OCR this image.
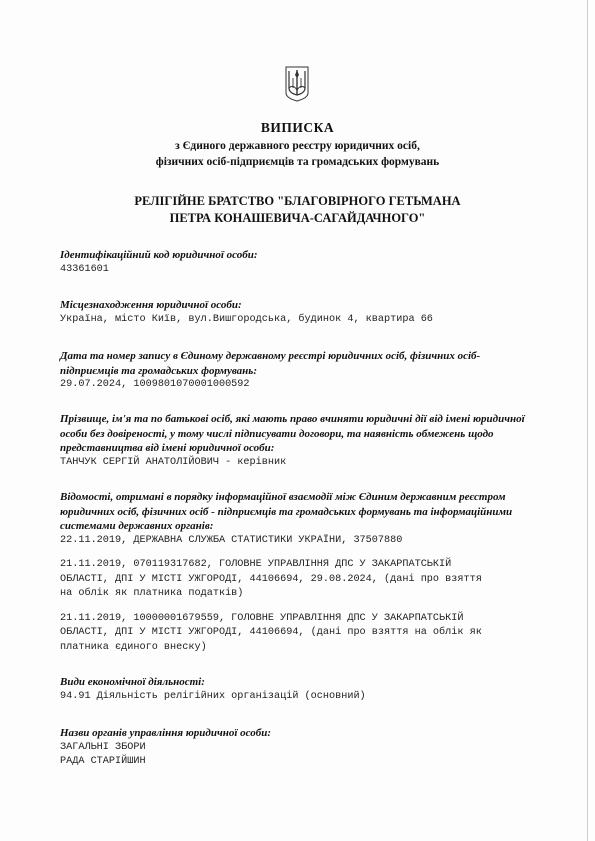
ВИПИСКА
з Єдиного державного реєстру юридичних осіб,
фізичних осіб-підприємців та громадських формувань
РЕЛІГІЙНЕ БРАТСТВО "БЛАГОВІРНОГО ГЕТЬМАНА
ПЕТРА КОНАШЕВИЧА-САГАЙДАЧНОГО"
Ідентифікаційний код юридичної особи:
43361601
Місцезнаходження юридичної особи:
Україна, місто Київ, вул.Вишгородська, будинок 4, квартира 66
Дата та номер запису в Єдиному державному реєстрі юридичних осіб, фізичних осіб-
підприємців та громадських формувань:
29.07.2024, 1009801070001000592
Прізвище, ім'я та по батькові осіб, які мають право вчиняти юридичні дії від імені юридичної
особи без довіреності, у тому числі підписувати договори, та наявність обмежень щодо
представництва від імені юридичної особи:
ТАНЧУК СЕРГІЙ АНАТОЛІЙОВИЧ - керівник
Відомості, отримані в порядку інформаційної взаємодії між Єдиним державним реєстром
юридичних осіб, фізичних осіб - підприємців та громадських формувань та інформаційними
системами державних органів:
22.11.2019, ДЕРЖАВНА СЛУЖБА СТАТИСТИКИ УКРАЇНИ, 37507880
21.11.2019, 070119317682, ГОЛОВНЕ УПРАВЛІННЯ ДПС У ЗАКАРПАТСЬКІЙ
ОБЛАСТІ, ДПІ У МІСТІ УЖГОРОДІ, 44106694, 29.08.2024, (дані про взяття
на облік як платника податків)
21.11.2019, 10000001679559, ГОЛОВНЕ УПРАВЛІННЯ ДПС У ЗАКАРПАТСЬКІЙ
ОБЛАСТІ, ДПІ У МІСТІ УЖГОРОДІ, 44106694, (дані про взяття на облік як
платника єдиного внеску)
Види економічної діяльності:
94.91 Діяльність релігійних організацій (основний)
Назви органів управління юридичної особи:
ЗАГАЛЬНІ ЗБОРИ
РАДА СТАРІЙШИН
